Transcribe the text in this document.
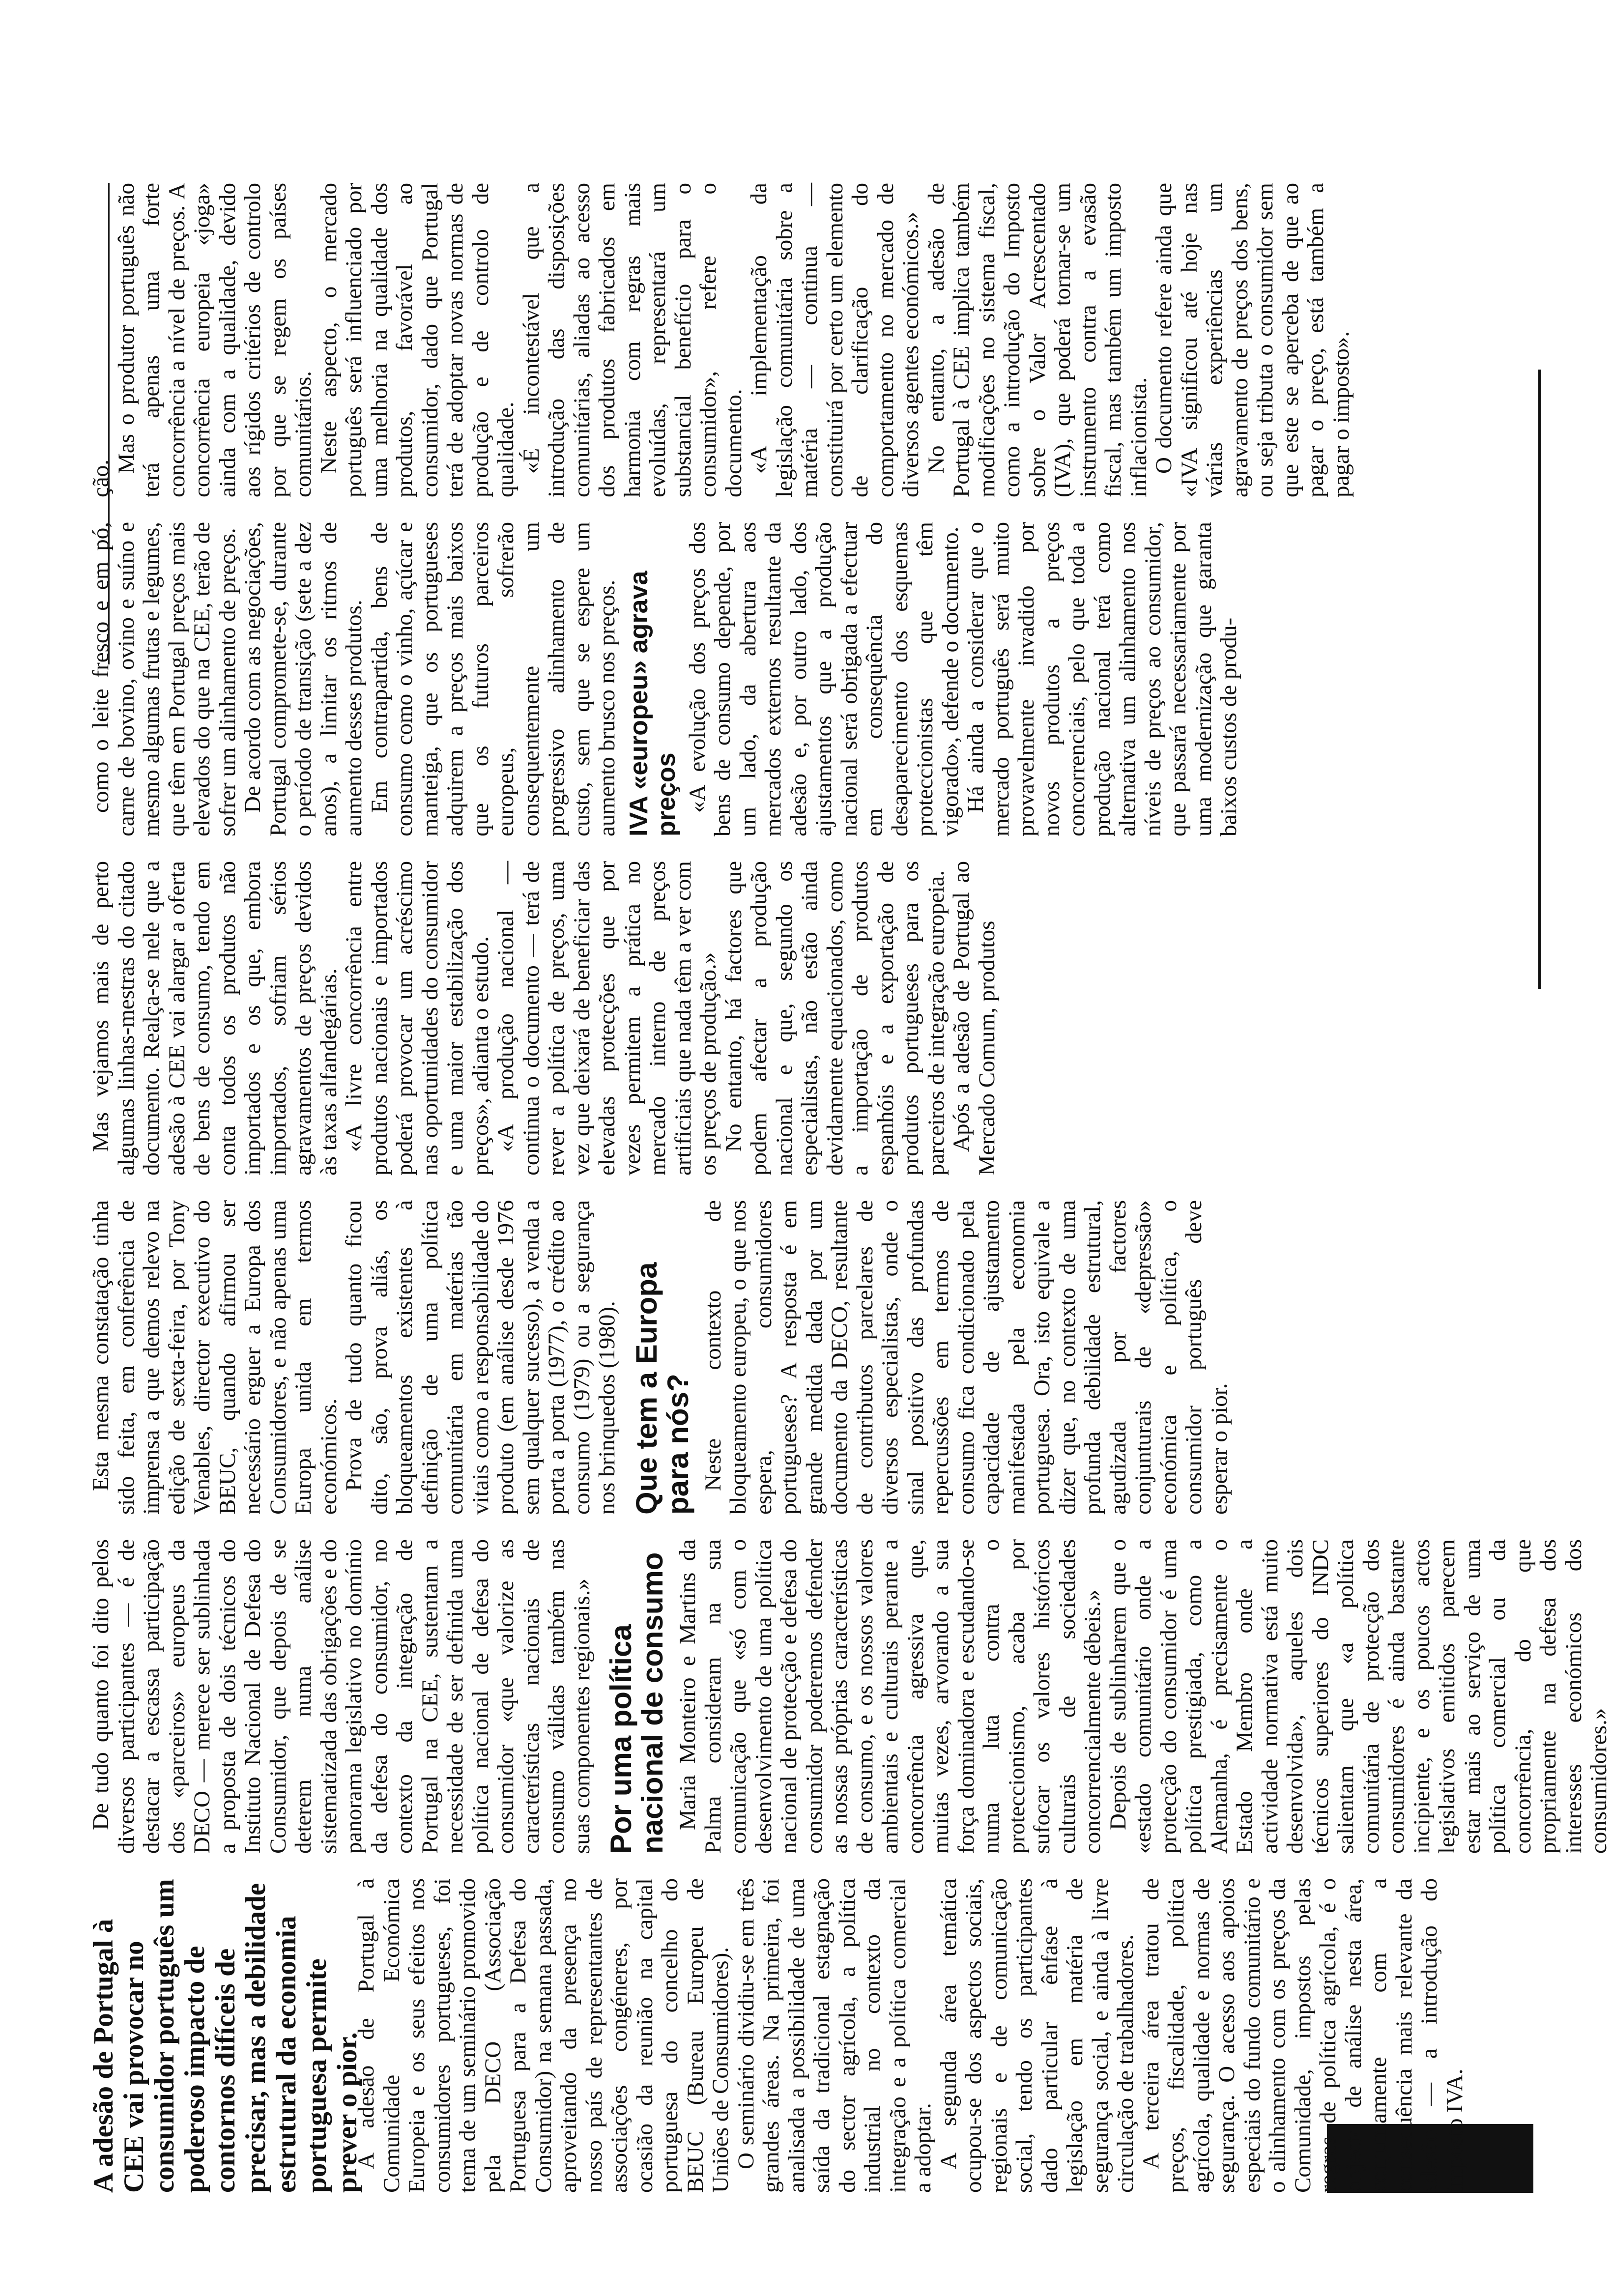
A adesão de Portugal à CEE vai provocar no consumidor português um poderoso impacto de contornos difíceis de precisar, mas a debilidade estrutural da economia portuguesa permite prever o pior.

A adesão de Portugal à Comunidade Económica Europeia e os seus efeitos nos consumidores portugueses, foi tema de um seminário promovido pela DECO (Associação Portuguesa para a Defesa do Consumidor) na semana passada, aproveitando da presença no nosso país de representantes de associações congéneres, por ocasião da reunião na capital portuguesa do concelho do BEUC (Bureau Europeu de Uniões de Consumidores). O seminário dividiu-se em três grandes áreas. Na primeira, foi analisada a possibilidade de uma saída da tradicional estagnação do sector agrícola, a política industrial no contexto da integração e a política comercial a adoptar. A segunda área temática ocupou-se dos aspectos sociais, regionais e de comunicação social, tendo os participantes dado particular ênfase à legislação em matéria de segurança social, e ainda à livre circulação de trabalhadores. A terceira área tratou de preços, fiscalidade, política agrícola, qualidade e normas de segurança. O acesso aos apoios especiais do fundo comunitário e o alinhamento com os preços da Comunidade, impostos pelas regras de política agrícola, é o objecto de análise nesta área, conjuntamente com a consequência mais relevante da adesão — a introdução do imposto IVA.

De tudo quanto foi dito pelos diversos participantes — é de destacar a escassa participação dos «parceiros» europeus da DECO — merece ser sublinhada a proposta de dois técnicos do Instituto Nacional de Defesa do Consumidor, que depois de se deterem numa análise sistematizada das obrigações e do panorama legislativo no domínio da defesa do consumidor, no contexto da integração de Portugal na CEE, sustentam a necessidade de ser definida uma política nacional de defesa do consumidor «que valorize as características nacionais de consumo válidas também nas suas componentes regionais.» Por uma política nacional de consumo Maria Monteiro e Martins da Palma consideram na sua comunicação que «só com o desenvolvimento de uma política nacional de protecção e defesa do consumidor poderemos defender as nossas próprias características de consumo, e os nossos valores ambientais e culturais perante a concorrência agressiva que, muitas vezes, arvorando a sua força dominadora e escudando-se numa luta contra o proteccionismo, acaba por sufocar os valores históricos culturais de sociedades concorrencialmente débeis.» Depois de sublinharem que o «estado comunitário onde a protecção do consumidor é uma política prestigiada, como a Alemanha, é precisamente o Estado Membro onde a actividade normativa está muito desenvolvida», aqueles dois técnicos superiores do INDC salientam que «a política comunitária de protecção dos consumidores é ainda bastante incipiente, e os poucos actos legislativos emitidos parecem estar mais ao serviço de uma política comercial ou da concorrência, do que propriamente na defesa dos interesses económicos dos consumidores.»

Esta mesma constatação tinha sido feita, em conferência de imprensa a que demos relevo na edição de sexta-feira, por Tony Venables, director executivo do BEUC, quando afirmou ser necessário erguer a Europa dos Consumidores, e não apenas uma Europa unida em termos económicos. Prova de tudo quanto ficou dito, são, prova aliás, os bloqueamentos existentes à definição de uma política comunitária em matérias tão vitais como a responsabilidade do produto (em análise desde 1976 sem qualquer sucesso), a venda a porta a porta (1977), o crédito ao consumo (1979) ou a segurança nos brinquedos (1980). Que tem a Europa para nós? Neste contexto de bloqueamento europeu, o que nos espera, consumidores portugueses? A resposta é em grande medida dada por um documento da DECO, resultante de contributos parcelares de diversos especialistas, onde o sinal positivo das profundas repercussões em termos de consumo fica condicionado pela capacidade de ajustamento manifestada pela economia portuguesa. Ora, isto equivale a dizer que, no contexto de uma profunda debilidade estrutural, agudizada por factores conjunturais de «depressão» económica e política, o consumidor português deve esperar o pior.

Mas vejamos mais de perto algumas linhas-mestras do citado documento. Realça-se nele que a adesão à CEE vai alargar a oferta de bens de consumo, tendo em conta todos os produtos não importados e os que, embora importados, sofriam sérios agravamentos de preços devidos às taxas alfandegárias. «A livre concorrência entre produtos nacionais e importados poderá provocar um acréscimo nas oportunidades do consumidor e uma maior estabilização dos preços», adianta o estudo. «A produção nacional — continua o documento — terá de rever a política de preços, uma vez que deixará de beneficiar das elevadas protecções que por vezes permitem a prática no mercado interno de preços artificiais que nada têm a ver com os preços de produção.» No entanto, há factores que podem afectar a produção nacional e que, segundo os especialistas, não estão ainda devidamente equacionados, como a importação de produtos espanhóis e a exportação de produtos portugueses para os parceiros de integração europeia. Após a adesão de Portugal ao Mercado Comum, produtos

como o leite fresco e em pó, carne de bovino, ovino e suíno e mesmo algumas frutas e legumes, que têm em Portugal preços mais elevados do que na CEE, terão de sofrer um alinhamento de preços. De acordo com as negociações, Portugal compromete-se, durante o período de transição (sete a dez anos), a limitar os ritmos de aumento desses produtos. Em contrapartida, bens de consumo como o vinho, açúcar e manteiga, que os portugueses adquirem a preços mais baixos que os futuros parceiros europeus, sofrerão consequentemente um progressivo alinhamento de custo, sem que se espere um aumento brusco nos preços. IVA «europeu» agrava preços «A evolução dos preços dos bens de consumo depende, por um lado, da abertura aos mercados externos resultante da adesão e, por outro lado, dos ajustamentos que a produção nacional será obrigada a efectuar em consequência do desaparecimento dos esquemas proteccionistas que têm vigorado», defende o documento. Há ainda a considerar que o mercado português será muito provavelmente invadido por novos produtos a preços concorrenciais, pelo que toda a produção nacional terá como alternativa um alinhamento nos níveis de preços ao consumidor, que passará necessariamente por uma modernização que garanta baixos custos de produ-

ção.

Mas o produtor português não terá apenas uma forte concorrência a nível de preços. A concorrência europeia «joga» ainda com a qualidade, devido aos rígidos critérios de controlo por que se regem os países comunitários. Neste aspecto, o mercado português será influenciado por uma melhoria na qualidade dos produtos, favorável ao consumidor, dado que Portugal terá de adoptar novas normas de produção e de controlo de qualidade. «É incontestável que a introdução das disposições comunitárias, aliadas ao acesso dos produtos fabricados em harmonia com regras mais evoluídas, representará um substancial benefício para o consumidor», refere o documento. «A implementação da legislação comunitária sobre a matéria — continua — constituirá por certo um elemento de clarificação do comportamento no mercado de diversos agentes económicos.» No entanto, a adesão de Portugal à CEE implica também modificações no sistema fiscal, como a introdução do Imposto sobre o Valor Acrescentado (IVA), que poderá tornar-se um instrumento contra a evasão fiscal, mas também um imposto inflacionista. O documento refere ainda que «IVA significou até hoje nas várias experiências um agravamento de preços dos bens, ou seja tributa o consumidor sem que este se aperceba de que ao pagar o preço, está também a pagar o imposto».
